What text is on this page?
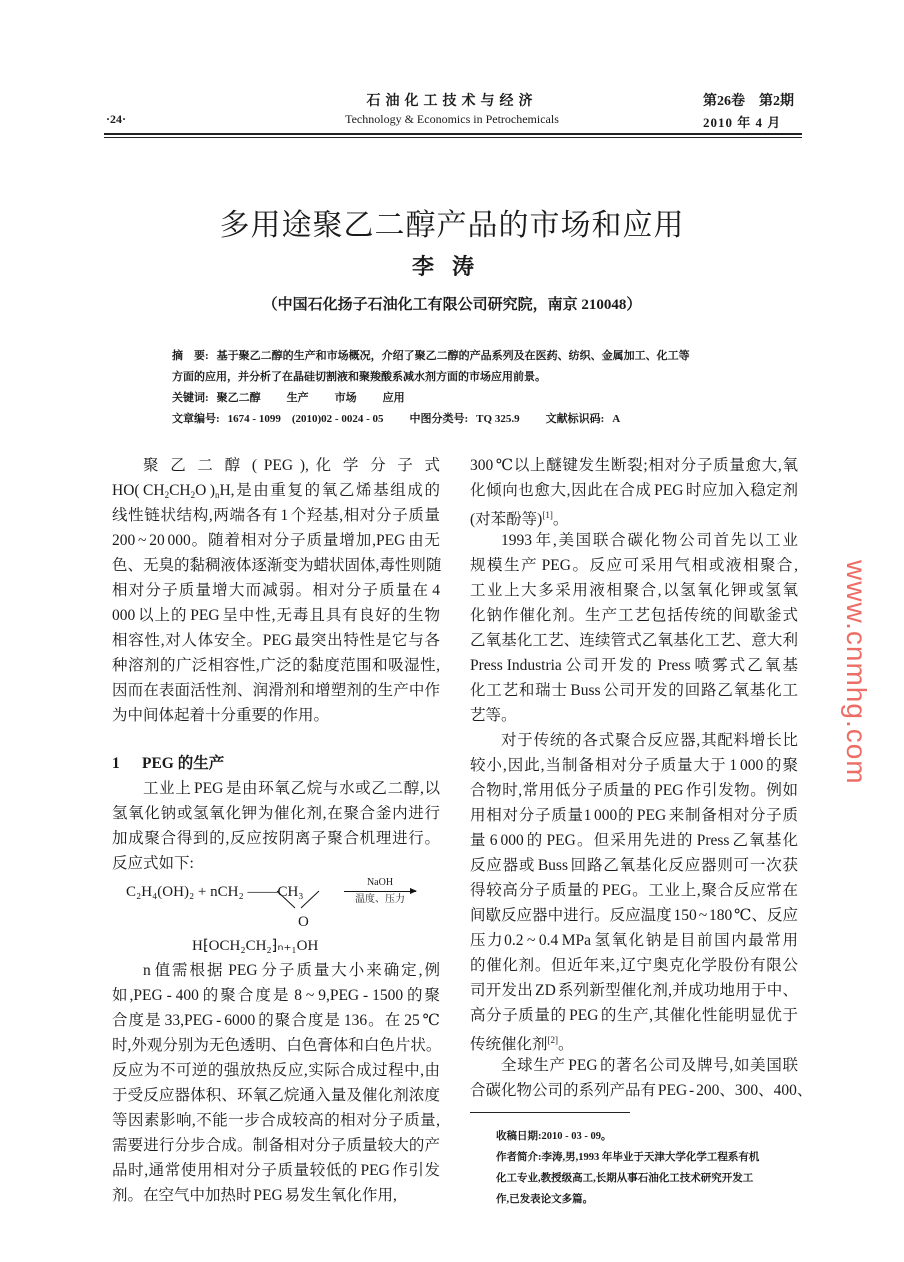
石油化工技术与经济
Technology & Economics in Petrochemicals
·24·
第26卷　第2期
2010 年 4 月
多用途聚乙二醇产品的市场和应用
李涛
（中国石化扬子石油化工有限公司研究院，南京 210048）
摘　要: 基于聚乙二醇的生产和市场概况，介绍了聚乙二醇的产品系列及在医药、纺织、金属加工、化工等
方面的应用，并分析了在晶硅切割液和聚羧酸系减水剂方面的市场应用前景。
关键词: 聚乙二醇 生产 市场 应用
文章编号: 1674 - 1099　(2010)02 - 0024 - 05 中图分类号: TQ 325.9 文献标识码: A
聚 乙 二 醇 ( PEG ), 化 学 分 子 式
HO( $CH_2CH_2O$ )$_nH$,是由重复的氧乙烯基组成的
线性链状结构,两端各有 1 个羟基,相对分子质量
200 ~ 20 000。随着相对分子质量增加,PEG 由无
色、无臭的黏稠液体逐渐变为蜡状固体,毒性则随
相对分子质量增大而减弱。相对分子质量在 4
000 以上的 PEG 呈中性,无毒且具有良好的生物
相容性,对人体安全。PEG 最突出特性是它与各
种溶剂的广泛相容性,广泛的黏度范围和吸湿性,
因而在表面活性剂、润滑剂和增塑剂的生产中作
为中间体起着十分重要的作用。
1 PEG 的生产
工业上 PEG 是由环氧乙烷与水或乙二醇,以
氢氧化钠或氢氧化钾为催化剂,在聚合釜内进行
加成聚合得到的,反应按阴离子聚合机理进行。
反应式如下:
C₂H₄(OH)₂ + nCH₂ ——CH₃
O
NaOH
温度、压力
H⁅OCH₂CH₂⁆ₙ₊₁OH
n 值需根据 PEG 分子质量大小来确定,例
如,PEG - 400 的聚合度是 8 ~ 9,PEG - 1500 的聚
合度是 33,PEG - 6000 的聚合度是 136。在 25 ℃
时,外观分别为无色透明、白色膏体和白色片状。
反应为不可逆的强放热反应,实际合成过程中,由
于受反应器体积、环氧乙烷通入量及催化剂浓度
等因素影响,不能一步合成较高的相对分子质量,
需要进行分步合成。制备相对分子质量较大的产
品时,通常使用相对分子质量较低的 PEG 作引发
剂。在空气中加热时 PEG 易发生氧化作用,
300 ℃以上醚键发生断裂;相对分子质量愈大,氧
化倾向也愈大,因此在合成 PEG 时应加入稳定剂
(对苯酚等)[1]。
1993 年,美国联合碳化物公司首先以工业
规模生产 PEG。反应可采用气相或液相聚合,
工业上大多采用液相聚合,以氢氧化钾或氢氧
化钠作催化剂。生产工艺包括传统的间歇釜式
乙氧基化工艺、连续管式乙氧基化工艺、意大利
Press Industria 公司开发的 Press 喷雾式乙氧基
化工艺和瑞士 Buss 公司开发的回路乙氧基化工
艺等。
对于传统的各式聚合反应器,其配料增长比
较小,因此,当制备相对分子质量大于 1 000 的聚
合物时,常用低分子质量的 PEG 作引发物。例如
用相对分子质量1 000的 PEG 来制备相对分子质
量 6 000 的 PEG。但采用先进的 Press 乙氧基化
反应器或 Buss 回路乙氧基化反应器则可一次获
得较高分子质量的 PEG。工业上,聚合反应常在
间歇反应器中进行。反应温度 150 ~ 180 ℃、反应
压力0.2 ~ 0.4 MPa 氢氧化钠是目前国内最常用
的催化剂。但近年来,辽宁奥克化学股份有限公
司开发出 ZD 系列新型催化剂,并成功地用于中、
高分子质量的 PEG 的生产,其催化性能明显优于
传统催化剂[2]。
全球生产 PEG 的著名公司及牌号,如美国联
合碳化物公司的系列产品有 PEG - 200、300、400、
收稿日期:2010 - 03 - 09。
作者简介:李涛,男,1993 年毕业于天津大学化学工程系有机
化工专业,教授级高工,长期从事石油化工技术研究开发工
作,已发表论文多篇。
www.cnmhg.com
